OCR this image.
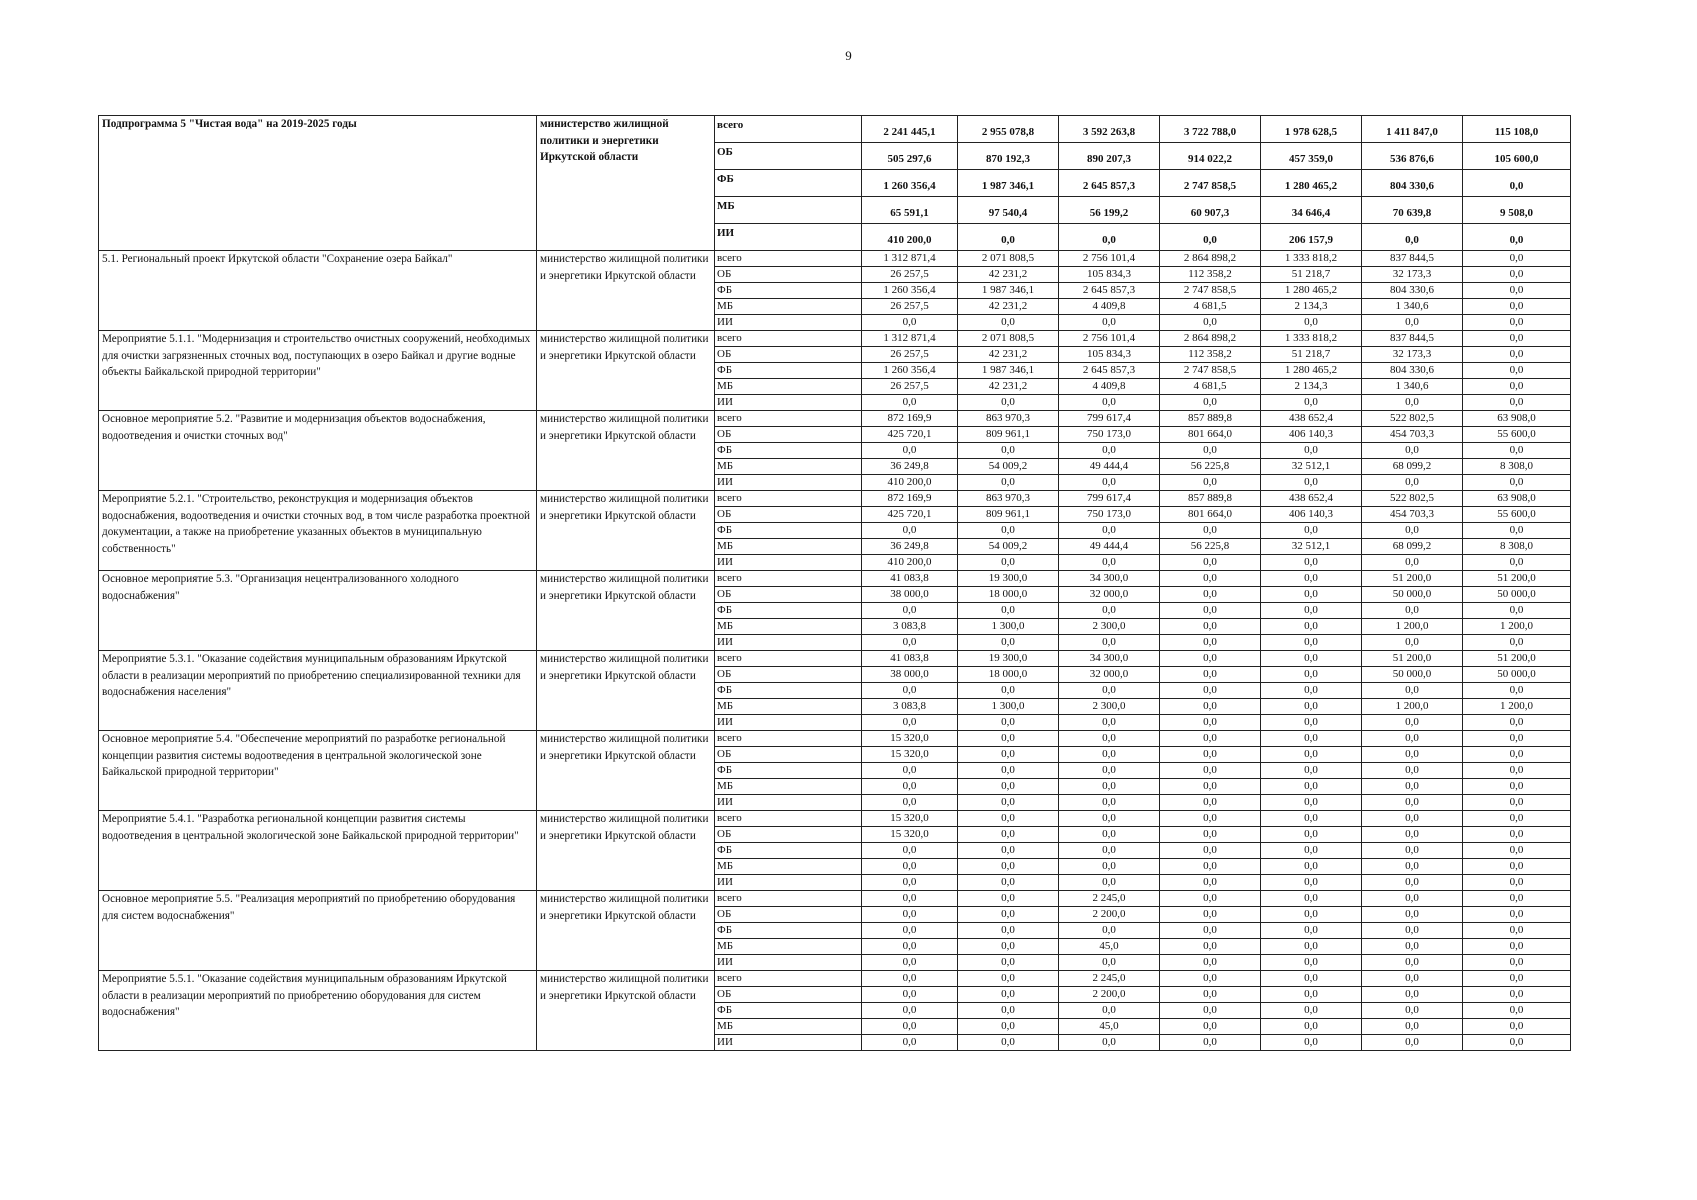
9
Подпрограмма 5 "Чистая вода" на 2019-2025 годы	министерство жилищной политики и энергетики Иркутской области	всего	2 241 445,1	2 955 078,8	3 592 263,8	3 722 788,0	1 978 628,5	1 411 847,0	115 108,0
		ОБ	505 297,6	870 192,3	890 207,3	914 022,2	457 359,0	536 876,6	105 600,0
		ФБ	1 260 356,4	1 987 346,1	2 645 857,3	2 747 858,5	1 280 465,2	804 330,6	0,0
		МБ	65 591,1	97 540,4	56 199,2	60 907,3	34 646,4	70 639,8	9 508,0
		ИИ	410 200,0	0,0	0,0	0,0	206 157,9	0,0	0,0
5.1. Региональный проект Иркутской области "Сохранение озера Байкал"	министерство жилищной политики и энергетики Иркутской области	всего	1 312 871,4	2 071 808,5	2 756 101,4	2 864 898,2	1 333 818,2	837 844,5	0,0
		ОБ	26 257,5	42 231,2	105 834,3	112 358,2	51 218,7	32 173,3	0,0
		ФБ	1 260 356,4	1 987 346,1	2 645 857,3	2 747 858,5	1 280 465,2	804 330,6	0,0
		МБ	26 257,5	42 231,2	4 409,8	4 681,5	2 134,3	1 340,6	0,0
		ИИ	0,0	0,0	0,0	0,0	0,0	0,0	0,0
Мероприятие 5.1.1. "Модернизация и строительство очистных сооружений, необходимых для очистки загрязненных сточных вод, поступающих в озеро Байкал и другие водные объекты Байкальской природной территории"	министерство жилищной политики и энергетики Иркутской области	всего	1 312 871,4	2 071 808,5	2 756 101,4	2 864 898,2	1 333 818,2	837 844,5	0,0
		ОБ	26 257,5	42 231,2	105 834,3	112 358,2	51 218,7	32 173,3	0,0
		ФБ	1 260 356,4	1 987 346,1	2 645 857,3	2 747 858,5	1 280 465,2	804 330,6	0,0
		МБ	26 257,5	42 231,2	4 409,8	4 681,5	2 134,3	1 340,6	0,0
		ИИ	0,0	0,0	0,0	0,0	0,0	0,0	0,0
Основное мероприятие 5.2. "Развитие и модернизация объектов водоснабжения, водоотведения и очистки сточных вод"	министерство жилищной политики и энергетики Иркутской области	всего	872 169,9	863 970,3	799 617,4	857 889,8	438 652,4	522 802,5	63 908,0
		ОБ	425 720,1	809 961,1	750 173,0	801 664,0	406 140,3	454 703,3	55 600,0
		ФБ	0,0	0,0	0,0	0,0	0,0	0,0	0,0
		МБ	36 249,8	54 009,2	49 444,4	56 225,8	32 512,1	68 099,2	8 308,0
		ИИ	410 200,0	0,0	0,0	0,0	0,0	0,0	0,0
Мероприятие 5.2.1. "Строительство, реконструкция и модернизация объектов водоснабжения, водоотведения и очистки сточных вод, в том числе разработка проектной документации, а также на приобретение указанных объектов в муниципальную собственность"	министерство жилищной политики и энергетики Иркутской области	всего	872 169,9	863 970,3	799 617,4	857 889,8	438 652,4	522 802,5	63 908,0
		ОБ	425 720,1	809 961,1	750 173,0	801 664,0	406 140,3	454 703,3	55 600,0
		ФБ	0,0	0,0	0,0	0,0	0,0	0,0	0,0
		МБ	36 249,8	54 009,2	49 444,4	56 225,8	32 512,1	68 099,2	8 308,0
		ИИ	410 200,0	0,0	0,0	0,0	0,0	0,0	0,0
Основное мероприятие 5.3. "Организация нецентрализованного холодного водоснабжения"	министерство жилищной политики и энергетики Иркутской области	всего	41 083,8	19 300,0	34 300,0	0,0	0,0	51 200,0	51 200,0
		ОБ	38 000,0	18 000,0	32 000,0	0,0	0,0	50 000,0	50 000,0
		ФБ	0,0	0,0	0,0	0,0	0,0	0,0	0,0
		МБ	3 083,8	1 300,0	2 300,0	0,0	0,0	1 200,0	1 200,0
		ИИ	0,0	0,0	0,0	0,0	0,0	0,0	0,0
Мероприятие 5.3.1. "Оказание содействия муниципальным образованиям Иркутской области в реализации мероприятий по приобретению специализированной техники для водоснабжения населения"	министерство жилищной политики и энергетики Иркутской области	всего	41 083,8	19 300,0	34 300,0	0,0	0,0	51 200,0	51 200,0
		ОБ	38 000,0	18 000,0	32 000,0	0,0	0,0	50 000,0	50 000,0
		ФБ	0,0	0,0	0,0	0,0	0,0	0,0	0,0
		МБ	3 083,8	1 300,0	2 300,0	0,0	0,0	1 200,0	1 200,0
		ИИ	0,0	0,0	0,0	0,0	0,0	0,0	0,0
Основное мероприятие 5.4. "Обеспечение мероприятий по разработке региональной концепции развития системы водоотведения в центральной экологической зоне Байкальской природной территории"	министерство жилищной политики и энергетики Иркутской области	всего	15 320,0	0,0	0,0	0,0	0,0	0,0	0,0
		ОБ	15 320,0	0,0	0,0	0,0	0,0	0,0	0,0
		ФБ	0,0	0,0	0,0	0,0	0,0	0,0	0,0
		МБ	0,0	0,0	0,0	0,0	0,0	0,0	0,0
		ИИ	0,0	0,0	0,0	0,0	0,0	0,0	0,0
Мероприятие 5.4.1. "Разработка региональной концепции развития системы водоотведения в центральной экологической зоне Байкальской природной территории"	министерство жилищной политики и энергетики Иркутской области	всего	15 320,0	0,0	0,0	0,0	0,0	0,0	0,0
		ОБ	15 320,0	0,0	0,0	0,0	0,0	0,0	0,0
		ФБ	0,0	0,0	0,0	0,0	0,0	0,0	0,0
		МБ	0,0	0,0	0,0	0,0	0,0	0,0	0,0
		ИИ	0,0	0,0	0,0	0,0	0,0	0,0	0,0
Основное мероприятие 5.5. "Реализация мероприятий по приобретению оборудования для систем водоснабжения"	министерство жилищной политики и энергетики Иркутской области	всего	0,0	0,0	2 245,0	0,0	0,0	0,0	0,0
		ОБ	0,0	0,0	2 200,0	0,0	0,0	0,0	0,0
		ФБ	0,0	0,0	0,0	0,0	0,0	0,0	0,0
		МБ	0,0	0,0	45,0	0,0	0,0	0,0	0,0
		ИИ	0,0	0,0	0,0	0,0	0,0	0,0	0,0
Мероприятие 5.5.1. "Оказание содействия муниципальным образованиям Иркутской области в реализации мероприятий по приобретению оборудования для систем водоснабжения"	министерство жилищной политики и энергетики Иркутской области	всего	0,0	0,0	2 245,0	0,0	0,0	0,0	0,0
		ОБ	0,0	0,0	2 200,0	0,0	0,0	0,0	0,0
		ФБ	0,0	0,0	0,0	0,0	0,0	0,0	0,0
		МБ	0,0	0,0	45,0	0,0	0,0	0,0	0,0
		ИИ	0,0	0,0	0,0	0,0	0,0	0,0	0,0
